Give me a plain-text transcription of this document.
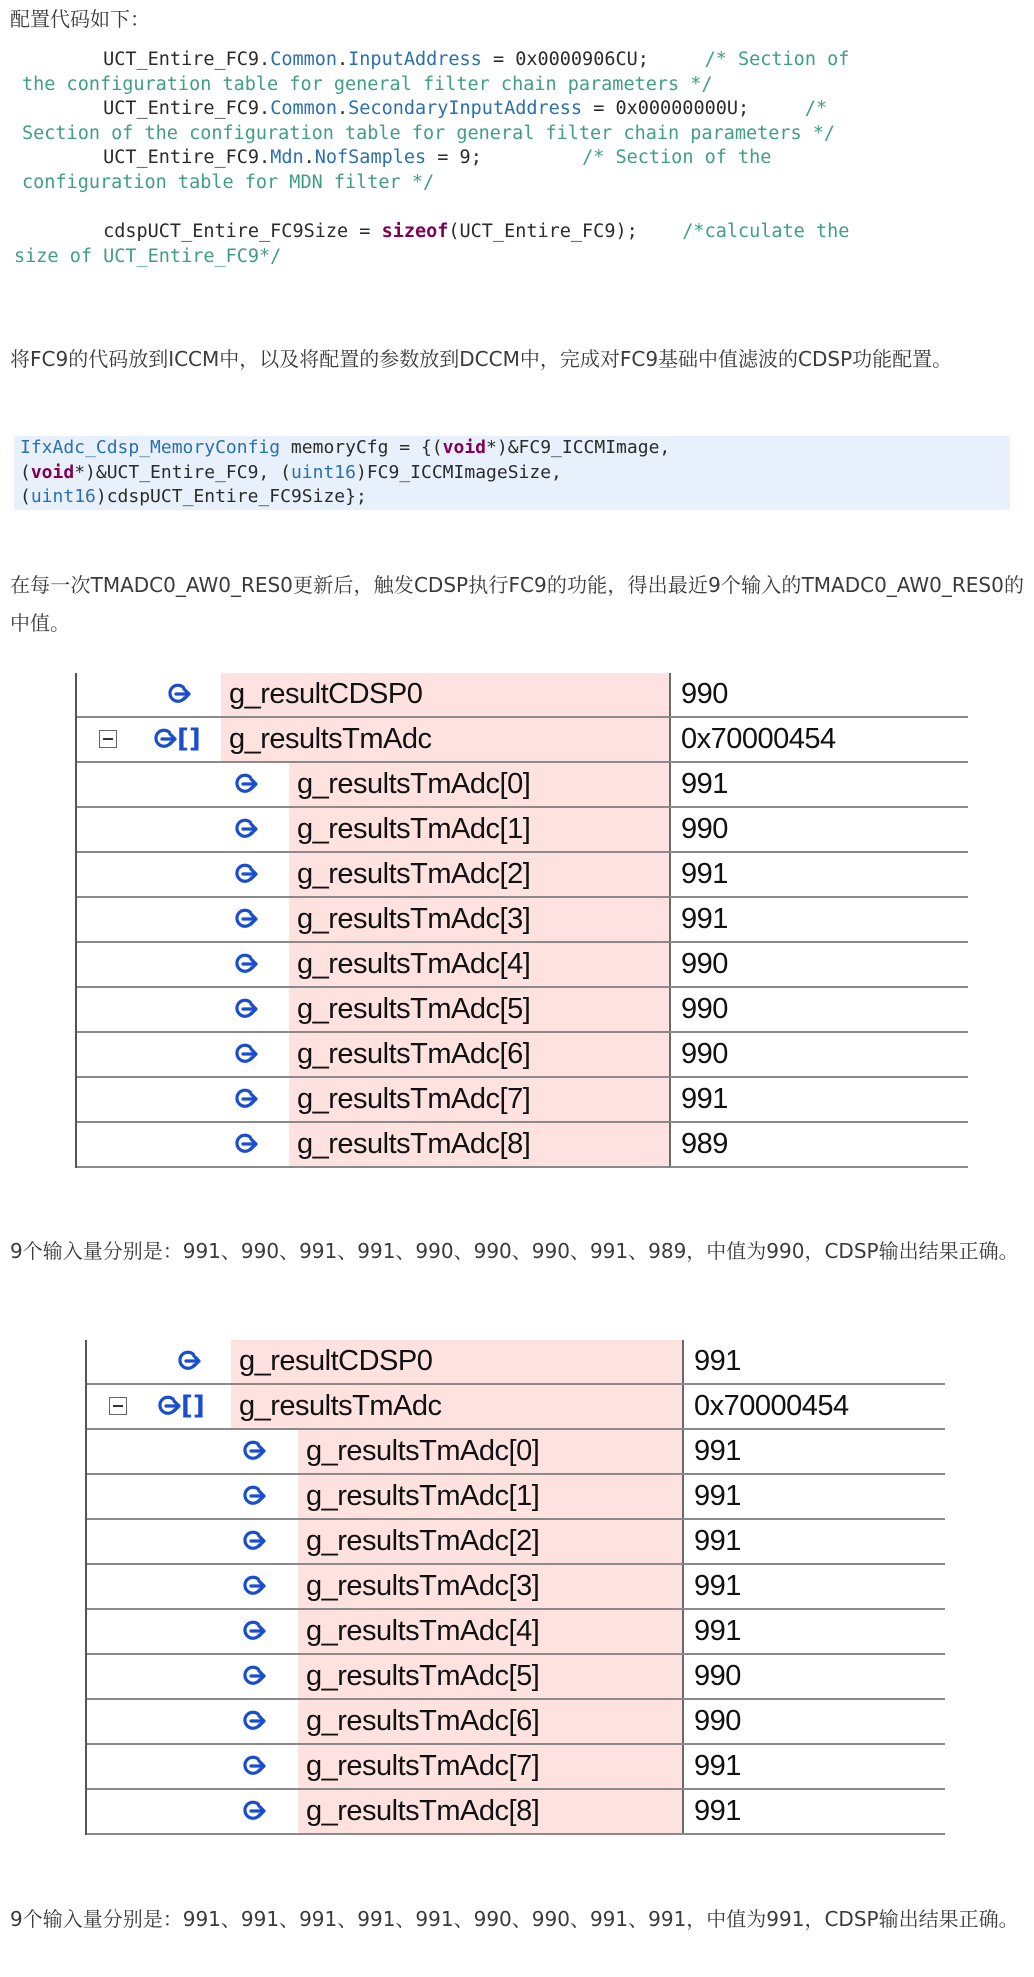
配置代码如下：

UCT_Entire_FC9.Common.InputAddress = 0x0000906CU;     /* Section of
the configuration table for general filter chain parameters */
UCT_Entire_FC9.Common.SecondaryInputAddress = 0x00000000U;     /*
Section of the configuration table for general filter chain parameters */
UCT_Entire_FC9.Mdn.NofSamples = 9;         /* Section of the
configuration table for MDN filter */

cdspUCT_Entire_FC9Size = sizeof(UCT_Entire_FC9);    /*calculate the
size of UCT_Entire_FC9*/

将FC9的代码放到ICCM中，以及将配置的参数放到DCCM中，完成对FC9基础中值滤波的CDSP功能配置。

IfxAdc_Cdsp_MemoryConfig memoryCfg = {(void*)&FC9_ICCMImage,
(void*)&UCT_Entire_FC9, (uint16)FC9_ICCMImageSize,
(uint16)cdspUCT_Entire_FC9Size};

在每一次TMADC0_AW0_RES0更新后，触发CDSP执行FC9的功能，得出最近9个输入的TMADC0_AW0_RES0的 中值。

g_resultCDSP0	990
[] g_resultsTmAdc	0x70000454
g_resultsTmAdc[0]	991
g_resultsTmAdc[1]	990
g_resultsTmAdc[2]	991
g_resultsTmAdc[3]	991
g_resultsTmAdc[4]	990
g_resultsTmAdc[5]	990
g_resultsTmAdc[6]	990
g_resultsTmAdc[7]	991
g_resultsTmAdc[8]	989

9个输入量分别是：991、990、991、991、990、990、990、991、989，中值为990，CDSP输出结果正确。

g_resultCDSP0	991
[] g_resultsTmAdc	0x70000454
g_resultsTmAdc[0]	991
g_resultsTmAdc[1]	991
g_resultsTmAdc[2]	991
g_resultsTmAdc[3]	991
g_resultsTmAdc[4]	991
g_resultsTmAdc[5]	990
g_resultsTmAdc[6]	990
g_resultsTmAdc[7]	991
g_resultsTmAdc[8]	991

9个输入量分别是：991、991、991、991、991、990、990、991、991，中值为991，CDSP输出结果正确。
